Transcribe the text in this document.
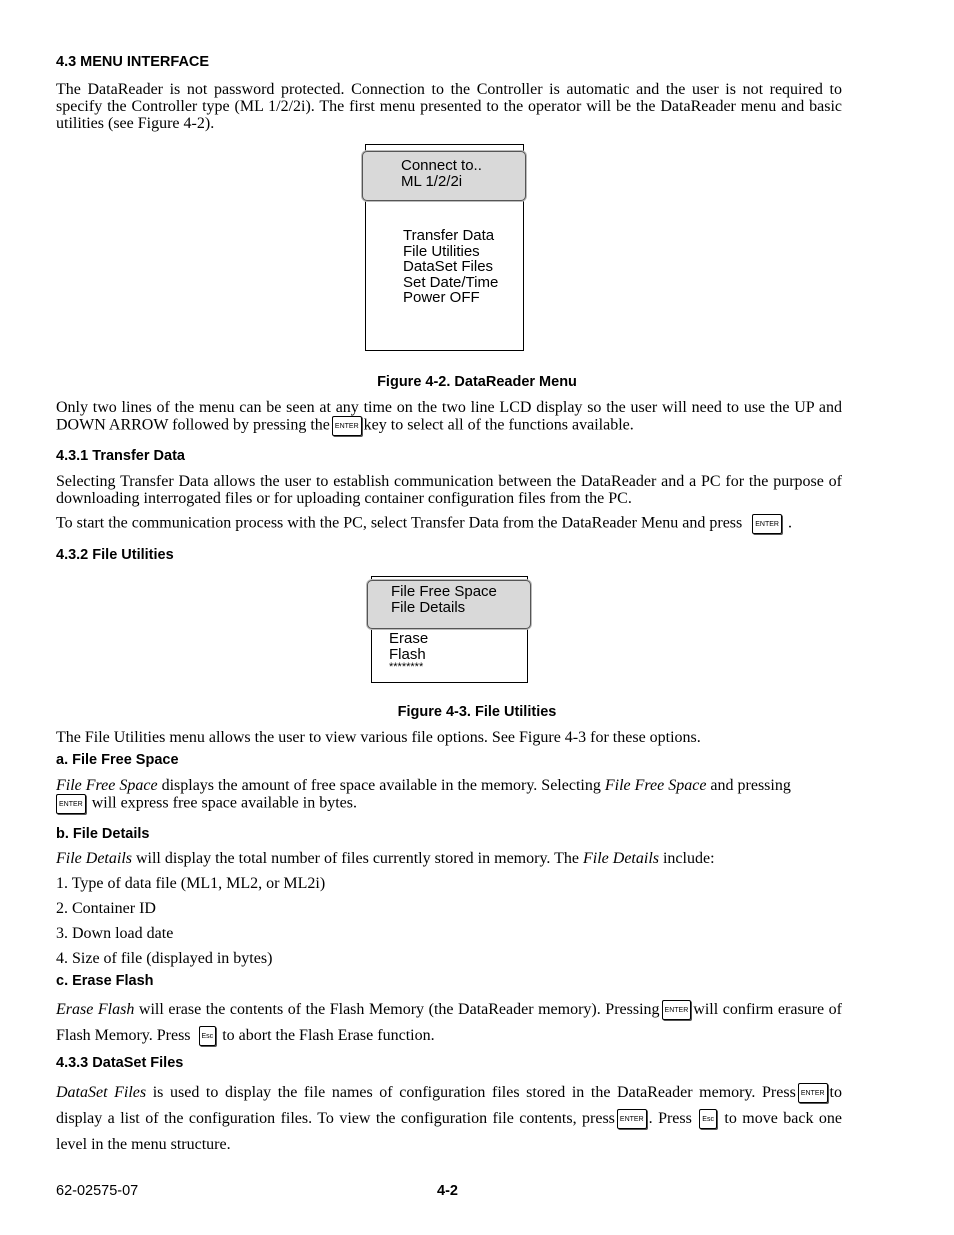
4.3 MENU INTERFACE

The DataReader is not password protected. Connection to the Controller is automatic and the user is not required to specify the Controller type (ML 1/2/2i). The first menu presented to the operator will be the DataReader menu and basic utilities (see Figure 4-2).

Connect to..
ML 1/2/2i
Transfer Data
File Utilities
DataSet Files
Set Date/Time
Power OFF

Figure 4-2. DataReader Menu

Only two lines of the menu can be seen at any time on the two line LCD display so the user will need to use the UP and DOWN ARROW followed by pressing the ENTER key to select all of the functions available.

4.3.1 Transfer Data

Selecting Transfer Data allows the user to establish communication between the DataReader and a PC for the purpose of downloading interrogated files or for uploading container configuration files from the PC.

To start the communication process with the PC, select Transfer Data from the DataReader Menu and press ENTER .

4.3.2 File Utilities
File Free Space
File Details
Erase
Flash
********

Figure 4-3. File Utilities

The File Utilities menu allows the user to view various file options. See Figure 4-3 for these options.

a. File Free Space

File Free Space displays the amount of free space available in the memory. Selecting File Free Space and pressing
ENTER will express free space available in bytes.

b. File Details

File Details will display the total number of files currently stored in memory. The File Details include:

1. Type of data file (ML1, ML2, or ML2i)

2. Container ID

3. Down load date

4. Size of file (displayed in bytes)

c. Erase Flash

Erase Flash will erase the contents of the Flash Memory (the DataReader memory). Pressing ENTER will confirm erasure of Flash Memory. Press Esc to abort the Flash Erase function.

4.3.3 DataSet Files

DataSet Files is used to display the file names of configuration files stored in the DataReader memory. Press ENTER to display a list of the configuration files. To view the configuration file contents, press ENTER . Press Esc to move back one level in the menu structure.

62-02575-07	4-2
